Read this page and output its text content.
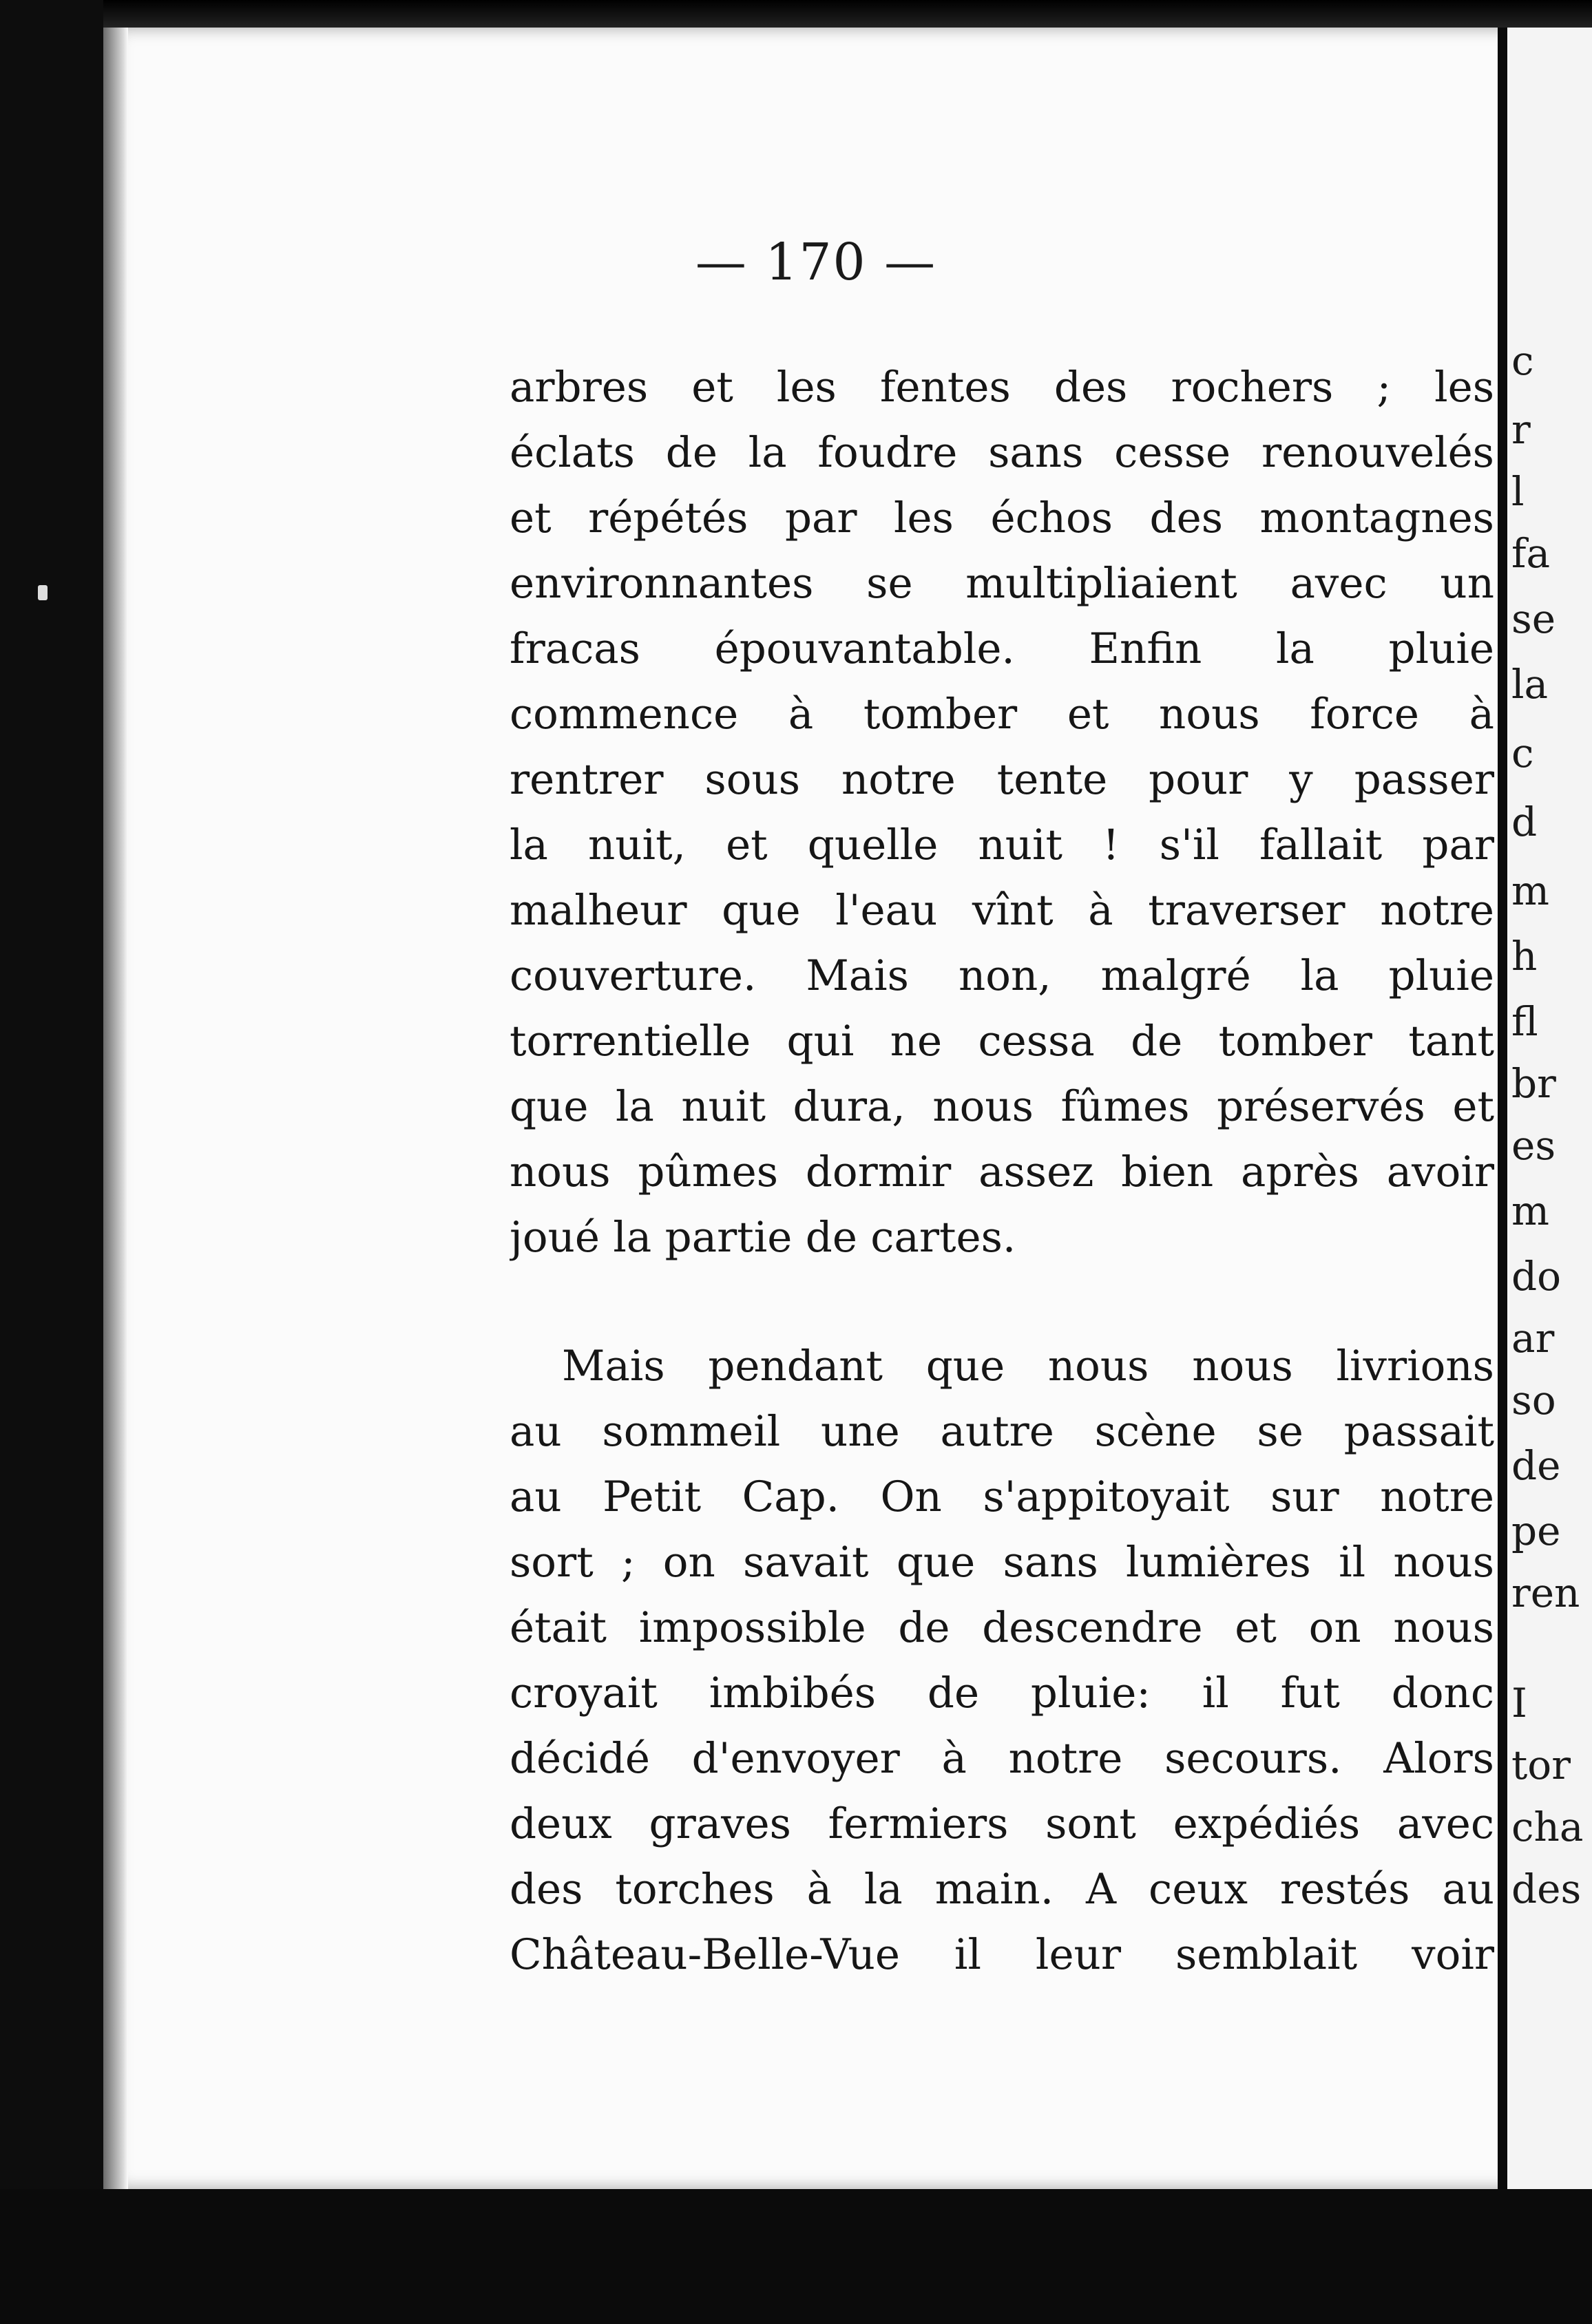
— 170 —
arbres et les fentes des rochers ; les
éclats de la foudre sans cesse renouvelés
et répétés par les échos des montagnes
environnantes se multipliaient avec un
fracas épouvantable. Enfin la pluie
commence à tomber et nous force à
rentrer sous notre tente pour y passer
la nuit, et quelle nuit ! s'il fallait par
malheur que l'eau vînt à traverser notre
couverture. Mais non, malgré la pluie
torrentielle qui ne cessa de tomber tant
que la nuit dura, nous fûmes préservés et
nous pûmes dormir assez bien après avoir
joué la partie de cartes.
Mais pendant que nous nous livrions
au sommeil une autre scène se passait
au Petit Cap. On s'appitoyait sur notre
sort ; on savait que sans lumières il nous
était impossible de descendre et on nous
croyait imbibés de pluie: il fut donc
décidé d'envoyer à notre secours. Alors
deux graves fermiers sont expédiés avec
des torches à la main. A ceux restés au
Château-Belle-Vue il leur semblait voir
c
r
l
fa
se
la
c
d
m
h
fl
br
es
m
do
ar
so
de
pe
ren
I
tor
cha
des
